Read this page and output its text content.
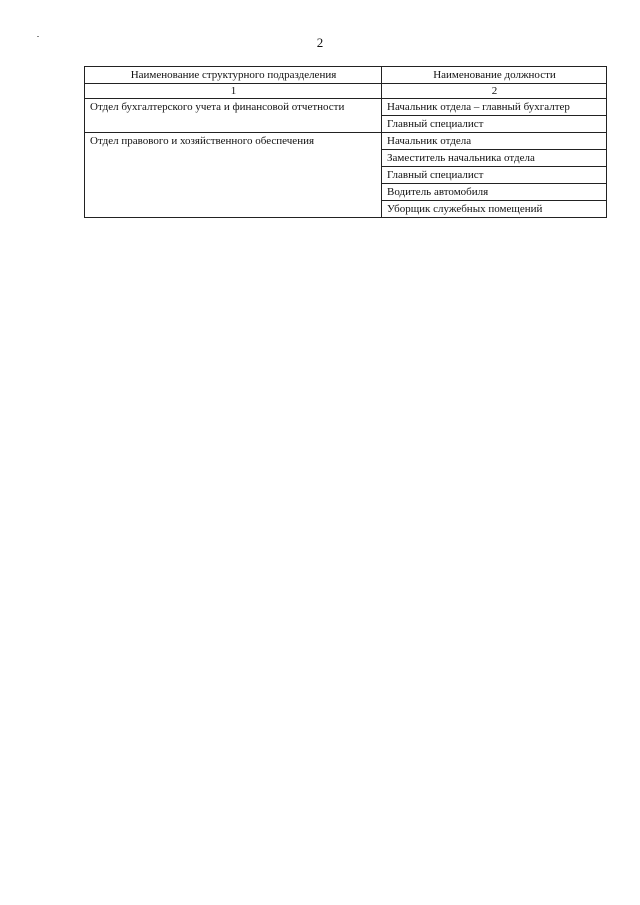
2
Наименование структурного подразделения	Наименование должности
1	2
Отдел бухгалтерского учета и финансовой отчетности	Начальник отдела – главный бухгалтер
	Главный специалист
Отдел правового и хозяйственного обеспечения	Начальник отдела
	Заместитель начальника отдела
	Главный специалист
	Водитель автомобиля
	Уборщик служебных помещений
